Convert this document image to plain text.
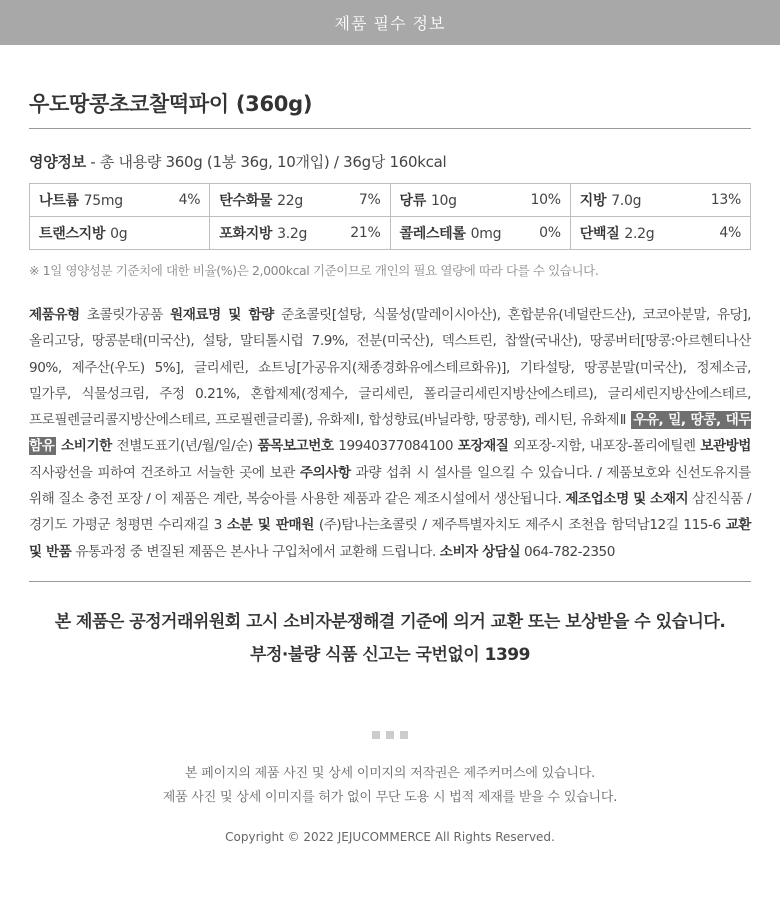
제품 필수 정보
우도땅콩초코찰떡파이 (360g)
영양정보 - 총 내용량 360g (1봉 36g, 10개입) / 36g당 160kcal
나트륨 75mg 4%	탄수화물 22g 7%	당류 10g 10%	지방 7.0g 13%

트랜스지방 0g	포화지방 3.2g 21%	콜레스테롤 0mg 0%	단백질 2.2g 4%
※ 1일 영양성분 기준치에 대한 비율(%)은 2,000kcal 기준이므로 개인의 필요 열량에 따라 다를 수 있습니다.
제품유형 초콜릿가공품 원재료명 및 함량 준초콜릿[설탕, 식물성(말레이시아산), 혼합분유(네덜란드산), 코코아분말, 유당], 올리고당, 땅콩분태(미국산), 설탕, 말티톨시럽 7.9%, 전분(미국산), 덱스트린, 찹쌀(국내산), 땅콩버터[땅콩:아르헨티나산 90%, 제주산(우도) 5%], 글리세린, 쇼트닝[가공유지(채종경화유에스테르화유)], 기타설탕, 땅콩분말(미국산), 정제소금, 밀가루, 식물성크림, 주정 0.21%, 혼합제제(정제수, 글리세린, 폴리글리세린지방산에스테르), 글리세린지방산에스테르, 프로필렌글리콜지방산에스테르, 프로필렌글리콜), 유화제Ⅰ, 합성향료(바닐라향, 땅콩향), 레시틴, 유화제Ⅱ 우유, 밀, 땅콩, 대두 함유 소비기한 전별도표기(년/월/일/순) 품목보고번호 19940377084100 포장재질 외포장-지함, 내포장-폴리에틸렌 보관방법 직사광선을 피하여 건조하고 서늘한 곳에 보관 주의사항 과량 섭취 시 설사를 일으킬 수 있습니다. / 제품보호와 신선도유지를 위해 질소 충전 포장 / 이 제품은 계란, 복숭아를 사용한 제품과 같은 제조시설에서 생산됩니다. 제조업소명 및 소재지 삼진식품 / 경기도 가평군 청평면 수리재길 3 소분 및 판매원 (주)탐나는초콜릿 / 제주특별자치도 제주시 조천읍 함덕남12길 115-6 교환 및 반품 유통과정 중 변질된 제품은 본사나 구입처에서 교환해 드립니다. 소비자 상담실 064-782-2350
본 제품은 공정거래위원회 고시 소비자분쟁해결 기준에 의거 교환 또는 보상받을 수 있습니다.
부정·불량 식품 신고는 국번없이 1399
본 페이지의 제품 사진 및 상세 이미지의 저작권은 제주커머스에 있습니다.
제품 사진 및 상세 이미지를 허가 없이 무단 도용 시 법적 제재를 받을 수 있습니다.
Copyright © 2022 JEJUCOMMERCE All Rights Reserved.
